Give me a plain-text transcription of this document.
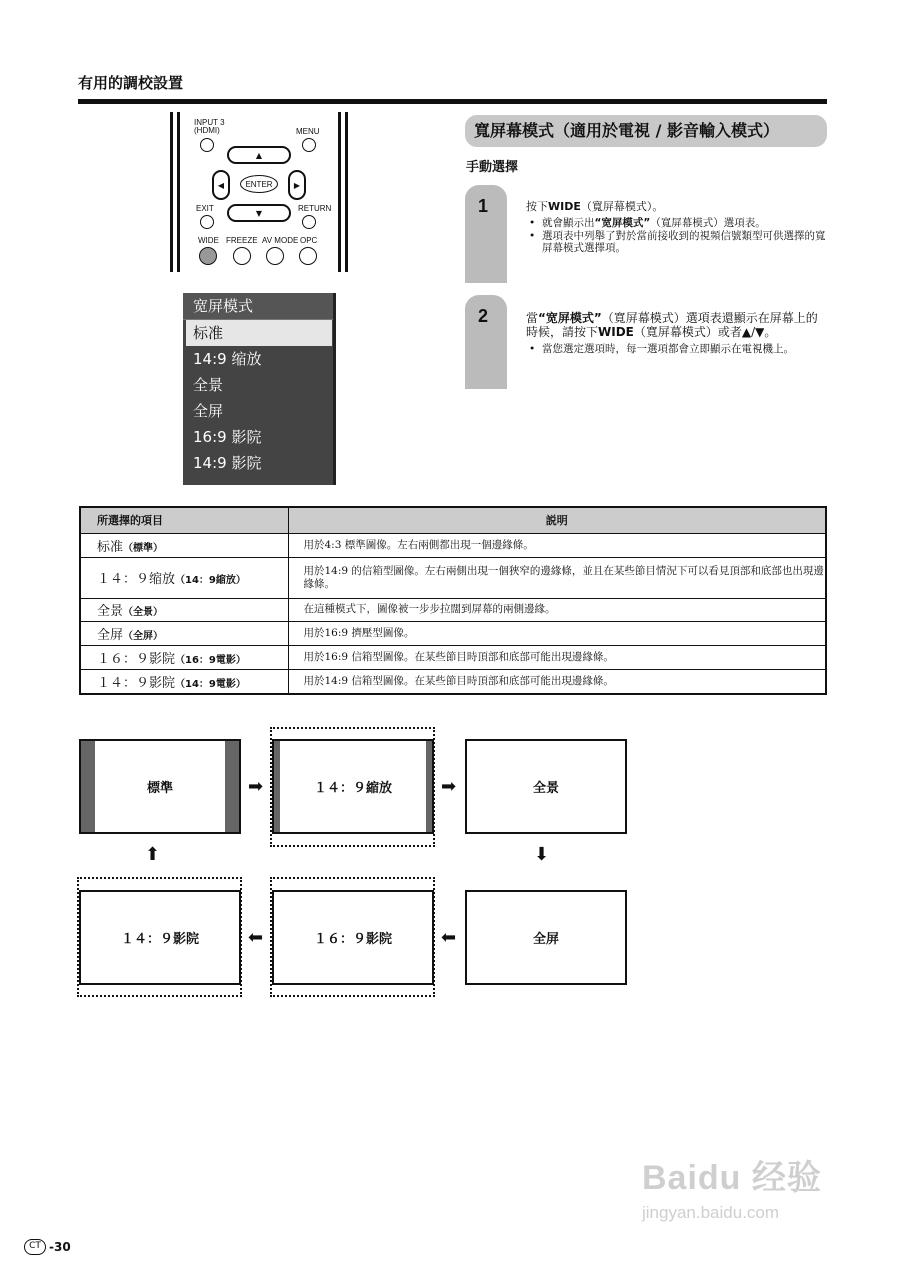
有用的調校設置
INPUT 3
(HDMI)	MENU
▲
◀	ENTER	▶
▼
EXIT	RETURN
WIDE FREEZE AV MODE OPC
宽屏模式
标准
14:9 缩放
全景
全屏
16:9 影院
14:9 影院
寬屏幕模式（適用於電視 / 影音輸入模式）
手動選擇
1	按下WIDE（寬屏幕模式）。
• 就會顯示出“宽屏模式”（寬屏幕模式）選項表。
• 選項表中列舉了對於當前接收到的視頻信號類型可供選擇的寬屏幕模式選擇項。
2	當“宽屏模式”（寬屏幕模式）選項表還顯示在屏幕上的時候，請按下WIDE（寬屏幕模式）或者▲/▼。
• 當您選定選項時，每一選項都會立即顯示在電視機上。
所選擇的項目	説明
标准（標準）	用於4:3 標準圖像。左右兩側都出現一個邊緣條。
１４：９缩放（14：9縮放）	用於14:9 的信箱型圖像。左右兩側出現一個狹窄的邊緣條，並且在某些節目情況下可以看見頂部和底部也出現邊緣條。
全景（全景）	在這種模式下，圖像被一步步拉闊到屏幕的兩側邊緣。
全屏（全屏）	用於16:9 擠壓型圖像。
１６：９影院（16：9電影）	用於16:9 信箱型圖像。在某些節目時頂部和底部可能出現邊緣條。
１４：９影院（14：9電影）	用於14:9 信箱型圖像。在某些節目時頂部和底部可能出現邊緣條。
標準	➡	１４：９縮放	➡	全景
⬇
全屏
⬅
１６：９影院
⬅
１４：９影院
⬆
CT -30
Baidu 经验
jingyan.baidu.com
